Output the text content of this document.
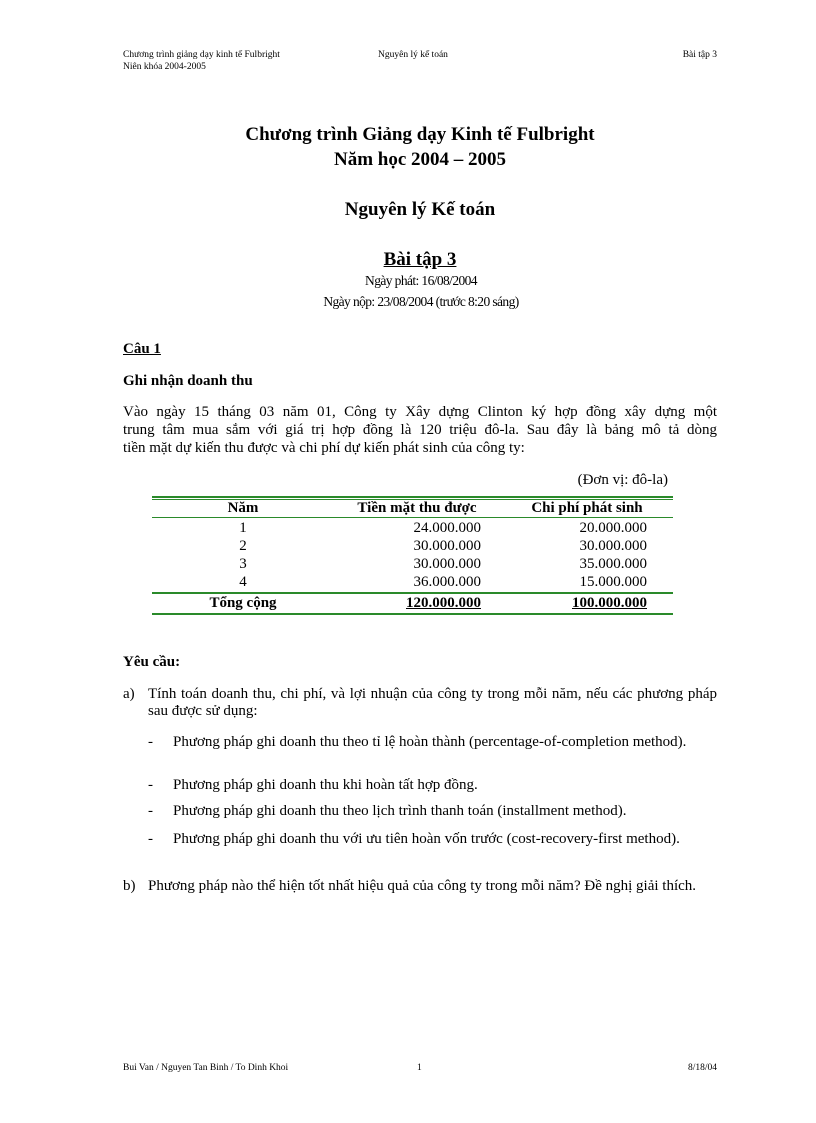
Chương trình giảng dạy kinh tế Fulbright
Niên khóa 2004-2005
Nguyên lý kế toán	Bài tập 3
Chương trình Giảng dạy Kinh tế Fulbright
Năm học 2004 – 2005
Nguyên lý Kế toán
Bài tập 3
Ngày phát: 16/08/2004
Ngày nộp: 23/08/2004 (trước 8:20 sáng)
Câu 1
Ghi nhận doanh thu
Vào ngày 15 tháng 03 năm 01, Công ty Xây dựng Clinton ký hợp đồng xây dựng một
trung tâm mua sắm với giá trị hợp đồng là 120 triệu đô-la. Sau đây là bảng mô tả dòng
tiền mặt dự kiến thu được và chi phí dự kiến phát sinh của công ty:
(Đơn vị: đô-la)
Năm	Tiền mặt thu được	Chi phí phát sinh
1	24.000.000	20.000.000
2	30.000.000	30.000.000
3	30.000.000	35.000.000
4	36.000.000	15.000.000
Tổng cộng	120.000.000	100.000.000
Yêu cầu:
a) Tính toán doanh thu, chi phí, và lợi nhuận của công ty trong mỗi năm, nếu các phương pháp sau được sử dụng:
- Phương pháp ghi doanh thu theo tỉ lệ hoàn thành (percentage-of-completion method).
- Phương pháp ghi doanh thu khi hoàn tất hợp đồng.
- Phương pháp ghi doanh thu theo lịch trình thanh toán (installment method).
- Phương pháp ghi doanh thu với ưu tiên hoàn vốn trước (cost-recovery-first method).
b) Phương pháp nào thể hiện tốt nhất hiệu quả của công ty trong mỗi năm? Đề nghị giải thích.
Bui Van / Nguyen Tan Binh / To Dinh Khoi	1	8/18/04
